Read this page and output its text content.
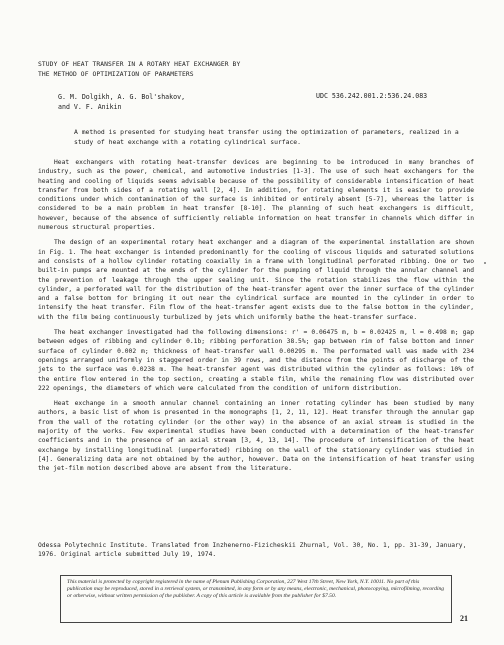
STUDY OF HEAT TRANSFER IN A ROTARY HEAT EXCHANGER BY
THE METHOD OF OPTIMIZATION OF PARAMETERS
G. M. Dolgikh, A. G. Bol'shakov,
and V. F. Anikin
UDC 536.242.001.2:536.24.083
A method is presented for studying heat transfer using the optimization of parameters, realized in a study of heat exchange with a rotating cylindrical surface.

Heat exchangers with rotating heat-transfer devices are beginning to be introduced in many branches of industry, such as the power, chemical, and automotive industries [1-3]. The use of such heat exchangers for the heating and cooling of liquids seems advisable because of the possibility of considerable intensification of heat transfer from both sides of a rotating wall [2, 4]. In addition, for rotating elements it is easier to provide conditions under which contamination of the surface is inhibited or entirely absent [5-7], whereas the latter is considered to be a main problem in heat transfer [8-10]. The planning of such heat exchangers is difficult, however, because of the absence of sufficiently reliable information on heat transfer in channels which differ in numerous structural properties.

The design of an experimental rotary heat exchanger and a diagram of the experimental installation are shown in Fig. 1. The heat exchanger is intended predominantly for the cooling of viscous liquids and saturated solutions and consists of a hollow cylinder rotating coaxially in a frame with longitudinal perforated ribbing. One or two built-in pumps are mounted at the ends of the cylinder for the pumping of liquid through the annular channel and the prevention of leakage through the upper sealing unit. Since the rotation stabilizes the flow within the cylinder, a perforated wall for the distribution of the heat-transfer agent over the inner surface of the cylinder and a false bottom for bringing it out near the cylindrical surface are mounted in the cylinder in order to intensify the heat transfer. Film flow of the heat-transfer agent exists due to the false bottom in the cylinder, with the film being continuously turbulized by jets which uniformly bathe the heat-transfer surface.

The heat exchanger investigated had the following dimensions: r' = 0.06475 m, b = 0.02425 m, l = 0.498 m; gap between edges of ribbing and cylinder 0.1b; ribbing perforation 38.5%; gap between rim of false bottom and inner surface of cylinder 0.002 m; thickness of heat-transfer wall 0.00295 m. The performated wall was made with 234 openings arranged uniformly in staggered order in 39 rows, and the distance from the points of discharge of the jets to the surface was 0.0238 m. The heat-transfer agent was distributed within the cylinder as follows: 10% of the entire flow entered in the top section, creating a stable film, while the remaining flow was distributed over 222 openings, the diameters of which were calculated from the condition of uniform distribution.

Heat exchange in a smooth annular channel containing an inner rotating cylinder has been studied by many authors, a basic list of whom is presented in the monographs [1, 2, 11, 12]. Heat transfer through the annular gap from the wall of the rotating cylinder (or the other way) in the absence of an axial stream is studied in the majority of the works. Few experimental studies have been conducted with a determination of the heat-transfer coefficients and in the presence of an axial stream [3, 4, 13, 14]. The procedure of intensification of the heat exchange by installing longitudinal (unperforated) ribbing on the wall of the stationary cylinder was studied in [4]. Generalizing data are not obtained by the author, however. Data on the intensification of heat transfer using the jet-film motion described above are absent from the literature.

Odessa Polytechnic Institute. Translated from Inzhenerno-Fizicheskii Zhurnal, Vol. 30, No. 1, pp. 31-39, January, 1976. Original article submitted July 19, 1974.
This material is protected by copyright registered in the name of Plenum Publishing Corporation, 227 West 17th Street, New York, N.Y. 10011. No part of this publication may be reproduced, stored in a retrieval system, or transmitted, in any form or by any means, electronic, mechanical, photocopying, microfilming, recording or otherwise, without written permission of the publisher. A copy of this article is available from the publisher for $7.50.
21
